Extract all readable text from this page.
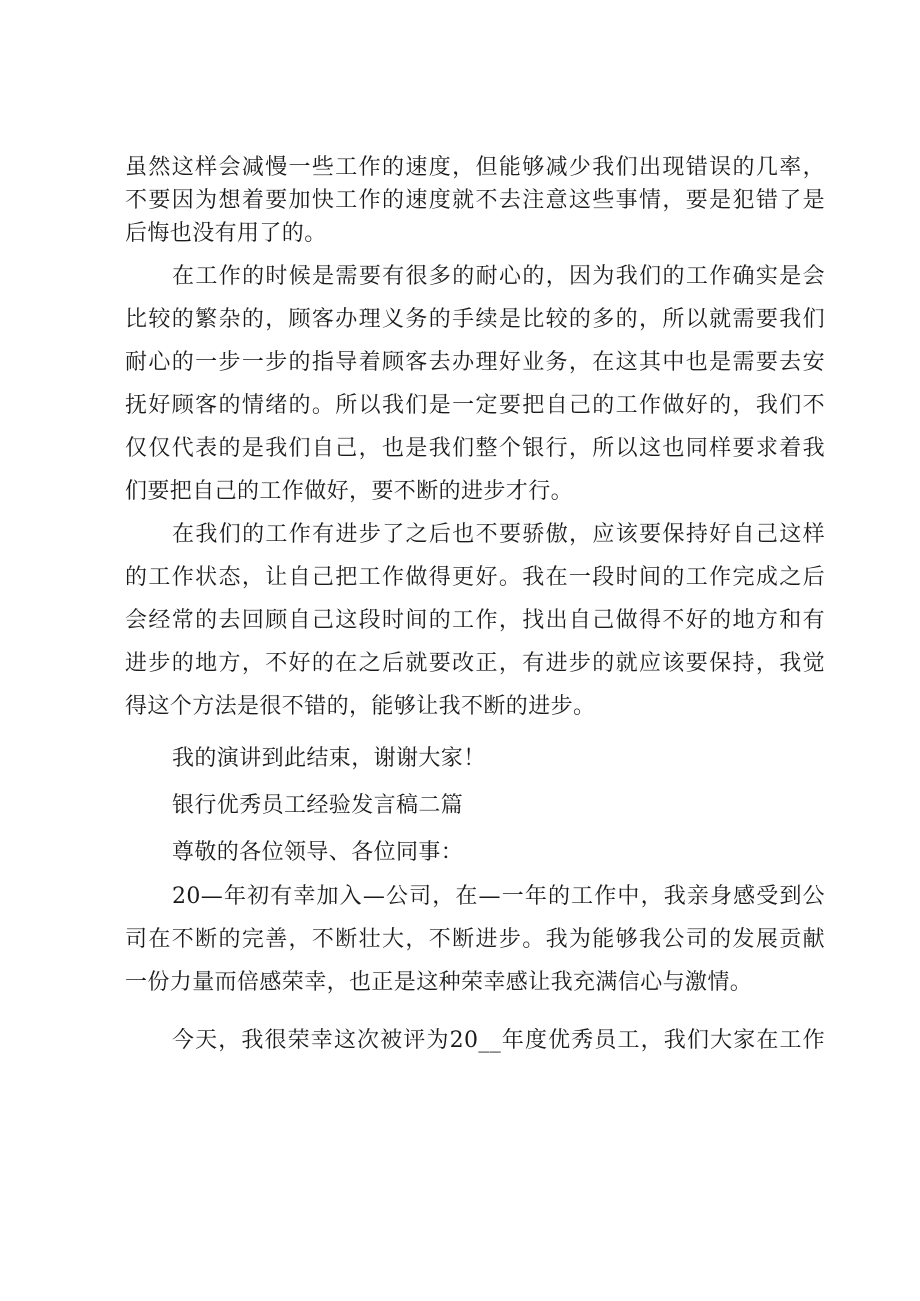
虽然这样会减慢一些工作的速度，但能够减少我们出现错误的几率，
不要因为想着要加快工作的速度就不去注意这些事情，要是犯错了是
后悔也没有用了的。
在工作的时候是需要有很多的耐心的，因为我们的工作确实是会
比较的繁杂的，顾客办理义务的手续是比较的多的，所以就需要我们
耐心的一步一步的指导着顾客去办理好业务，在这其中也是需要去安
抚好顾客的情绪的。所以我们是一定要把自己的工作做好的，我们不
仅仅代表的是我们自己，也是我们整个银行，所以这也同样要求着我
们要把自己的工作做好，要不断的进步才行。
在我们的工作有进步了之后也不要骄傲，应该要保持好自己这样
的工作状态，让自己把工作做得更好。我在一段时间的工作完成之后
会经常的去回顾自己这段时间的工作，找出自己做得不好的地方和有
进步的地方，不好的在之后就要改正，有进步的就应该要保持，我觉
得这个方法是很不错的，能够让我不断的进步。
我的演讲到此结束，谢谢大家！
银行优秀员工经验发言稿二篇
尊敬的各位领导、各位同事：
20—年初有幸加入—公司，在—一年的工作中，我亲身感受到公
司在不断的完善，不断壮大，不断进步。我为能够我公司的发展贡献
一份力量而倍感荣幸，也正是这种荣幸感让我充满信心与激情。
今天，我很荣幸这次被评为20__年度优秀员工，我们大家在工作
